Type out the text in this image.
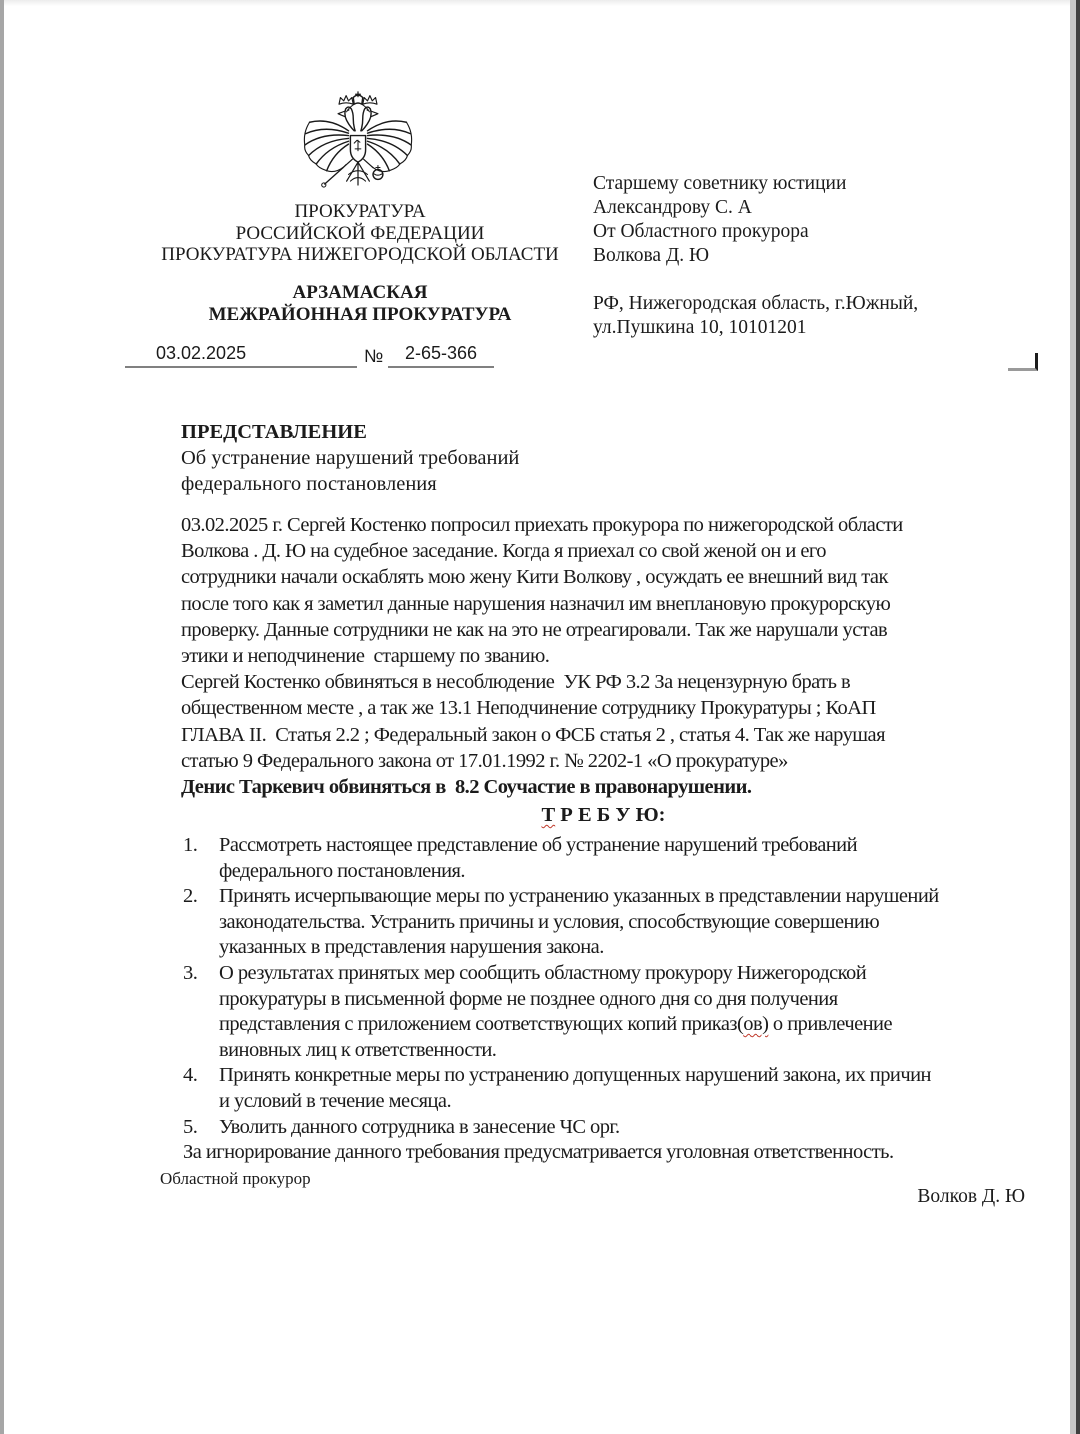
ПРОКУРАТУРА
РОССИЙСКОЙ ФЕДЕРАЦИИ
ПРОКУРАТУРА НИЖЕГОРОДСКОЙ ОБЛАСТИ
АРЗАМАСКАЯ
МЕЖРАЙОННАЯ ПРОКУРАТУРА
Старшему советнику юстиции
Александрову С. А
От Областного прокурора
Волкова Д. Ю
РФ, Нижегородская область, г.Южный,
ул.Пушкина 10, 10101201
03.02.2025	№	2-65-366
ПРЕДСТАВЛЕНИЕ
Об устранение нарушений требований
федерального постановления
03.02.2025 г. Сергей Костенко попросил приехать прокурора по нижегородской области
Волкова . Д. Ю на судебное заседание. Когда я приехал со свой женой он и его
сотрудники начали оскаблять мою жену Кити Волкову , осуждать ее внешний вид так
после того как я заметил данные нарушения назначил им внеплановую прокурорскую
проверку. Данные сотрудники не как на это не отреагировали. Так же нарушали устав
этики и неподчинение  старшему по званию.
Сергей Костенко обвиняться в несоблюдение  УК РФ 3.2 За нецензурную брать в
общественном месте , а так же 13.1 Неподчинение сотруднику Прокуратуры ; КоАП
ГЛАВА II.  Статья 2.2 ; Федеральный закон о ФСБ статья 2 , статья 4. Так же нарушая
статью 9 Федерального закона от 17.01.1992 г. № 2202-1 «О прокуратуре»
Денис Таркевич обвиняться в  8.2 Соучастие в правонарушении.
Т Р Е Б У Ю:
1.	Рассмотреть настоящее представление об устранение нарушений требований
федерального постановления.
2.	Принять исчерпывающие меры по устранению указанных в представлении нарушений
законодательства. Устранить причины и условия, способствующие совершению
указанных в представления нарушения закона.
3.	О результатах принятых мер сообщить областному прокурору Нижегородской
прокуратуры в письменной форме не позднее одного дня со дня получения
представления с приложением соответствующих копий приказ(ов) о привлечение
виновных лиц к ответственности.
4.	Принять конкретные меры по устранению допущенных нарушений закона, их причин
и условий в течение месяца.
5.	Уволить данного сотрудника в занесение ЧС орг.
За игнорирование данного требования предусматривается уголовная ответственность.
Областной прокурор
Волков Д. Ю
